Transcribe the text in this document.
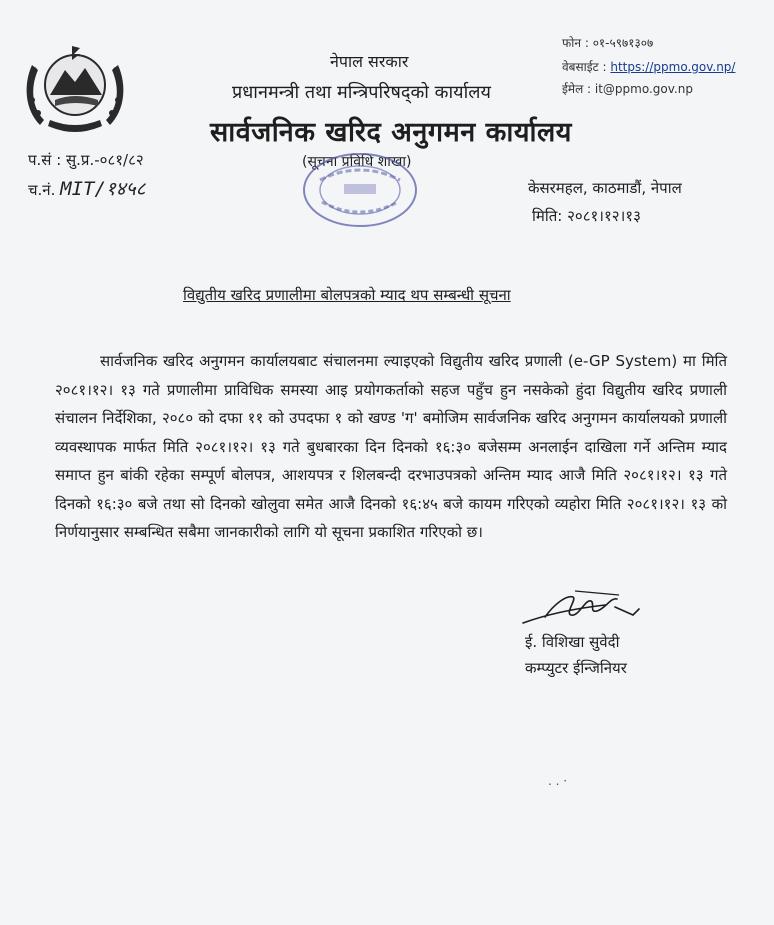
नेपाल सरकार
प्रधानमन्त्री तथा मन्त्रिपरिषद्को कार्यालय
सार्वजनिक खरिद अनुगमन कार्यालय
(सूचना प्रविधि शाखा)
फोन : ०१-५९७१३०७
वेबसाईट : https://ppmo.gov.np/
ईमेल : it@ppmo.gov.np
प.सं : सु.प्र.-०८१/८२
च.नं. MIT/१४५८	केसरमहल, काठमाडौं, नेपाल
मिति: २०८१।१२।१३
विद्युतीय खरिद प्रणालीमा बोलपत्रको म्याद थप सम्बन्धी सूचना
सार्वजनिक खरिद अनुगमन कार्यालयबाट संचालनमा ल्याइएको विद्युतीय खरिद प्रणाली (e-GP System) मा मिति २०८१।१२। १३ गते प्रणालीमा प्राविधिक समस्या आइ प्रयोगकर्ताको सहज पहुँच हुन नसकेको हुंदा विद्युतीय खरिद प्रणाली संचालन निर्देशिका, २०८० को दफा ११ को उपदफा १ को खण्ड 'ग' बमोजिम सार्वजनिक खरिद अनुगमन कार्यालयको प्रणाली व्यवस्थापक मार्फत मिति २०८१।१२। १३ गते बुधबारका दिन दिनको १६:३० बजेसम्म अनलाईन दाखिला गर्ने अन्तिम म्याद समाप्त हुन बांकी रहेका सम्पूर्ण बोलपत्र, आशयपत्र र शिलबन्दी दरभाउपत्रको अन्तिम म्याद आजै मिति २०८१।१२। १३ गते दिनको १६:३० बजे तथा सो दिनको खोलुवा समेत आजै दिनको १६:४५ बजे कायम गरिएको व्यहोरा मिति २०८१।१२। १३ को निर्णयानुसार सम्बन्धित सबैमा जानकारीको लागि यो सूचना प्रकाशित गरिएको छ।
ई. विशिखा सुवेदी
कम्प्युटर ईन्जिनियर
. . ·
